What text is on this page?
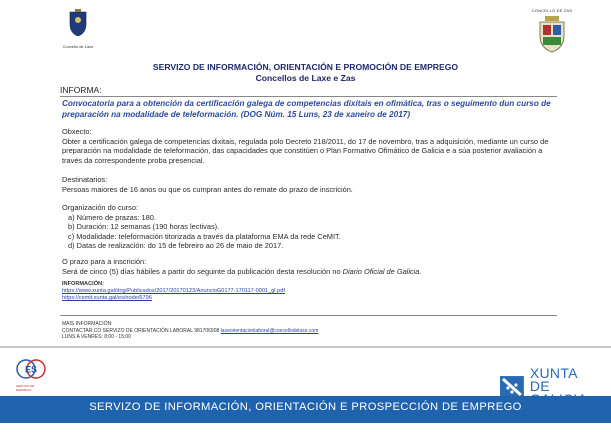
Concello de Laxe
CONCELLO DE ZAS
SERVIZO DE INFORMACIÓN, ORIENTACIÓN E PROMOCIÓN DE EMPREGO
Concellos de Laxe e Zas
INFORMA:
Convocatoria para a obtención da certificación galega de competencias dixitais en ofimática, tras o seguimento dun curso de preparación na modalidade de teleformación. (DOG Núm. 15 Luns, 23 de xaneiro de 2017)

Obxecto:

Obter a certificación galega de competencias dixitais, regulada polo Decreto 218/2011, do 17 de novembro, tras a adquisición, mediante un curso de preparación na modalidade de teleformación, das capacidades que constitúen o Plan Formativo Ofimático de Galicia e a súa posterior avaliación a través da correspondente proba presencial.

Destinatarios:

Persoas maiores de 16 anos ou que os cumpran antes do remate do prazo de inscrición.

Organización do curso:

a) Número de prazas: 180.

b) Duración: 12 semanas (190 horas lectivas).

c) Modalidade: teleformación titorizada a través da plataforma EMA da rede CeMIT.

d) Datas de realización: do 15 de febreiro ao 26 de maio de 2017.

O prazo para a inscrición:

Será de cinco (5) días hábiles a partir do seguinte da publicación desta resolución no Diario Oficial de Galicia.

INFORMACIÓN:
https://www.xunta.gal/dog/Publicados/2017/20170123/AnuncioG0177-170117-0001_gl.pdf
https://cemit.xunta.gal/es/node/6796
MAIS INFORMACIÓN:
CONTACTAR CO SERVIZO DE ORIENTACIÓN LABORAL 981706908 laxeorientacionlaboral@concellodelaxe.com
LUNS A VENRES: 8:00 - 15:00
ES
SERVIZO DE EMPREGO
XUNTA
DE
SERVIZO DE INFORMACIÓN, ORIENTACIÓN E PROSPECCIÓN DE EMPREGO
